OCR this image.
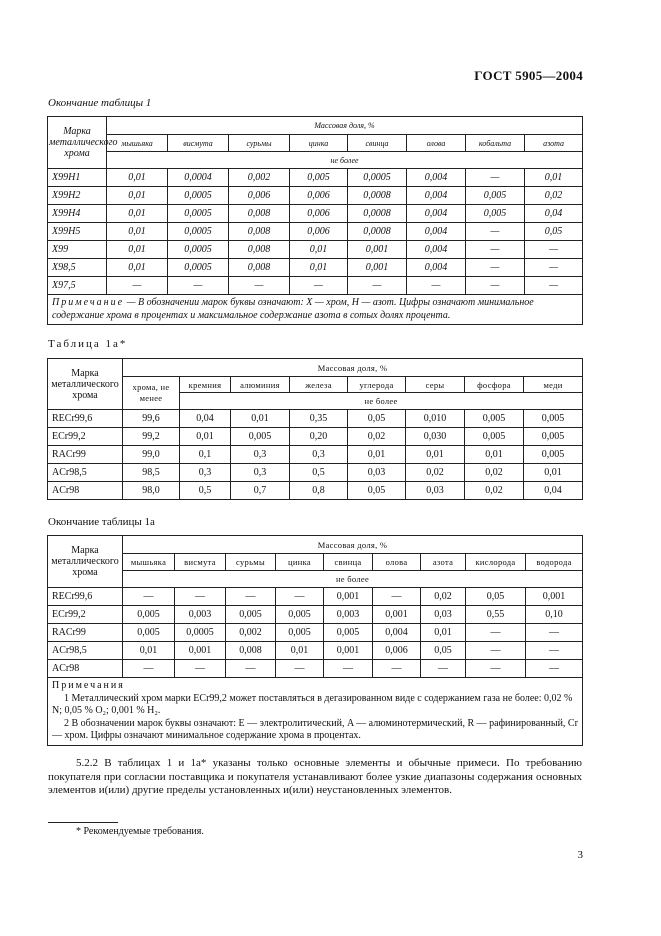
ГОСТ 5905—2004
Окончание таблицы 1
Марка металлического хрома	Массовая доля, %							
	мышьяка	висмута	сурьмы	цинка	свинца	олова	кобальта	азота
	не более							
Х99Н1	0,01	0,0004	0,002	0,005	0,0005	0,004	—	0,01
Х99Н2	0,01	0,0005	0,006	0,006	0,0008	0,004	0,005	0,02
Х99Н4	0,01	0,0005	0,008	0,006	0,0008	0,004	0,005	0,04
Х99Н5	0,01	0,0005	0,008	0,006	0,0008	0,004	—	0,05
Х99	0,01	0,0005	0,008	0,01	0,001	0,004	—	—
Х98,5	0,01	0,0005	0,008	0,01	0,001	0,004	—	—
Х97,5	—	—	—	—	—	—	—	—
Примечание — В обозначении марок буквы означают: X — хром, Н — азот. Цифры означают минимальное содержание хрома в процентах и максимальное содержание азота в сотых долях процента.								
Таблица 1а*
Марка металлического хрома	Массовая доля, %							
	хрома, не менее	кремния	алюминия	железа	углерода	серы	фосфора	меди
		не более						
RECr99,6	99,6	0,04	0,01	0,35	0,05	0,010	0,005	0,005
ECr99,2	99,2	0,01	0,005	0,20	0,02	0,030	0,005	0,005
RACr99	99,0	0,1	0,3	0,3	0,01	0,01	0,01	0,005
ACr98,5	98,5	0,3	0,3	0,5	0,03	0,02	0,02	0,01
ACr98	98,0	0,5	0,7	0,8	0,05	0,03	0,02	0,04
Окончание таблицы 1а
Марка металлического хрома	Массовая доля, %								
	мышьяка	висмута	сурьмы	цинка	свинца	олова	азота	кислорода	водорода
	не более								
RECr99,6	—	—	—	—	0,001	—	0,02	0,05	0,001
ECr99,2	0,005	0,003	0,005	0,005	0,003	0,001	0,03	0,55	0,10
RACr99	0,005	0,0005	0,002	0,005	0,005	0,004	0,01	—	—
ACr98,5	0,01	0,001	0,008	0,01	0,001	0,006	0,05	—	—
ACr98	—	—	—	—	—	—	—	—	—

Примечания
1 Металлический хром марки ECr99,2 может поставляться в дегазированном виде с содержанием газа не более: 0,02 % N; 0,05 % O₂; 0,001 % H₂.
2 В обозначении марок буквы означают: E — электролитический, A — алюминотермический, R — рафинированный, Cr — хром. Цифры означают минимальное содержание хрома в процентах.									
5.2.2 В таблицах 1 и 1а* указаны только основные элементы и обычные примеси. По требованию покупателя при согласии поставщика и покупателя устанавливают более узкие диапазоны содержания основных элементов и(или) другие пределы установленных и(или) неустановленных элементов.
* Рекомендуемые требования.
3
